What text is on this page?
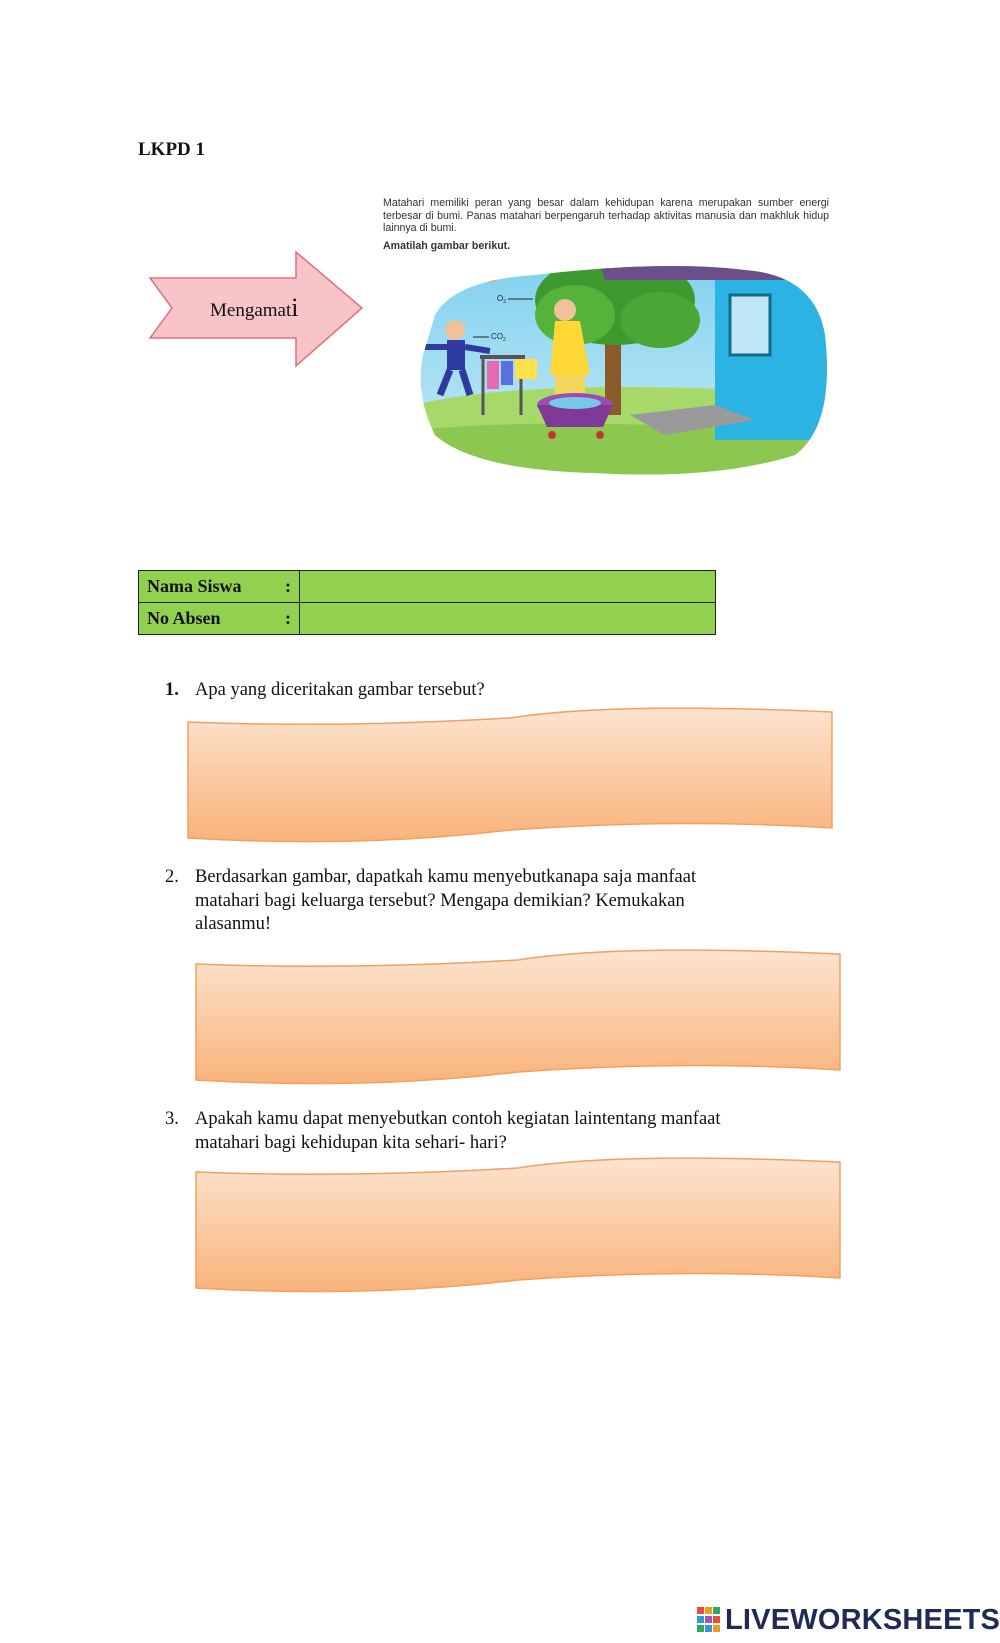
LKPD 1
Mengamati
Matahari memiliki peran yang besar dalam kehidupan karena merupakan sumber energi terbesar di bumi. Panas matahari berpengaruh terhadap aktivitas manusia dan makhluk hidup lainnya di bumi.
Amatilah gambar berikut.
$O_2$
$CO_2$
Nama Siswa :	

No Absen :	

1. Apa yang diceritakan gambar tersebut?
2. Berdasarkan gambar, dapatkah kamu menyebutkanapa saja manfaat
matahari bagi keluarga tersebut? Mengapa demikian? Kemukakan
alasanmu!
3. Apakah kamu dapat menyebutkan contoh kegiatan laintentang manfaat
matahari bagi kehidupan kita sehari- hari?
LIVEWORKSHEETS
